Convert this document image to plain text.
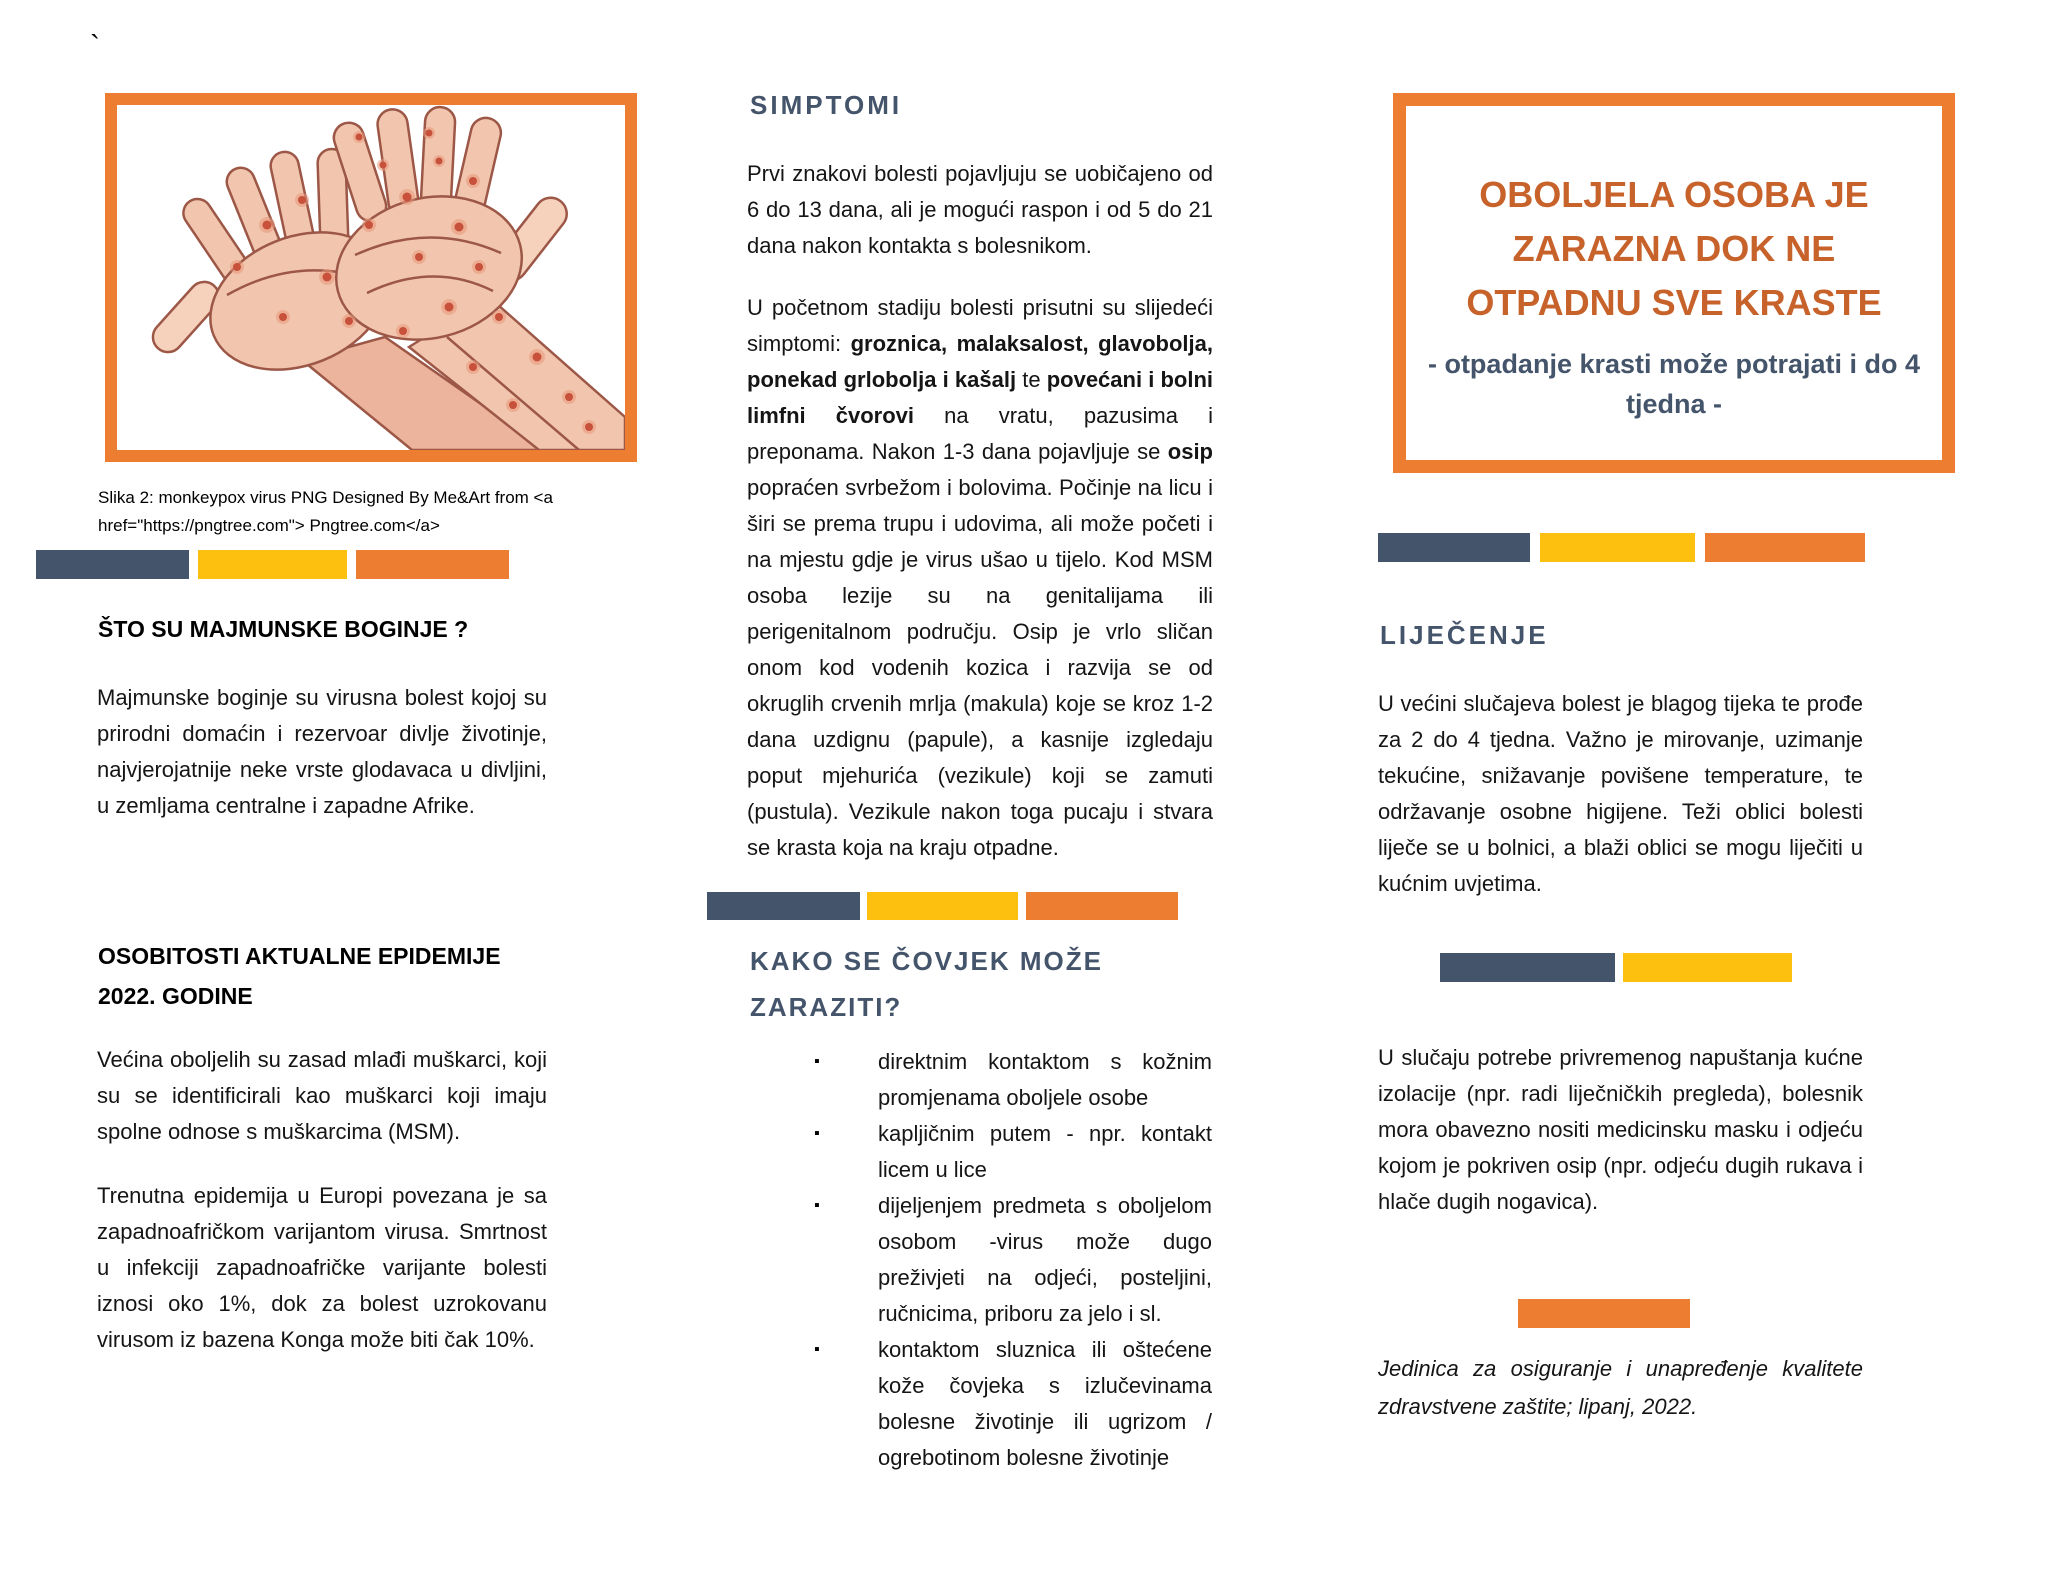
`
Slika 2: monkeypox virus PNG Designed By Me&Art from <a href="https://pngtree.com"> Pngtree.com</a>
ŠTO SU MAJMUNSKE BOGINJE ?
Majmunske boginje su virusna bolest kojoj su prirodni domaćin i rezervoar divlje životinje, najvjerojatnije neke vrste glodavaca u divljini, u zemljama centralne i zapadne Afrike.
OSOBITOSTI AKTUALNE EPIDEMIJE 2022. GODINE
Većina oboljelih su zasad mlađi muškarci, koji su se identificirali kao muškarci koji imaju spolne odnose s muškarcima (MSM).
Trenutna epidemija u Europi povezana je sa zapadnoafričkom varijantom virusa. Smrtnost u infekciji zapadnoafričke varijante bolesti iznosi oko 1%, dok za bolest uzrokovanu virusom iz bazena Konga može biti čak 10%.
SIMPTOMI
Prvi znakovi bolesti pojavljuju se uobičajeno od 6 do 13 dana, ali je mogući raspon i od 5 do 21 dana nakon kontakta s bolesnikom.
U početnom stadiju bolesti prisutni su slijedeći simptomi: groznica, malaksalost, glavobolja, ponekad grlobolja i kašalj te povećani i bolni limfni čvorovi na vratu, pazusima i preponama. Nakon 1-3 dana pojavljuje se osip popraćen svrbežom i bolovima. Počinje na licu i širi se prema trupu i udovima, ali može početi i na mjestu gdje je virus ušao u tijelo. Kod MSM osoba lezije su na genitalijama ili perigenitalnom području. Osip je vrlo sličan onom kod vodenih kozica i razvija se od okruglih crvenih mrlja (makula) koje se kroz 1-2 dana uzdignu (papule), a kasnije izgledaju poput mjehurića (vezikule) koji se zamuti (pustula). Vezikule nakon toga pucaju i stvara se krasta koja na kraju otpadne.
KAKO SE ČOVJEK MOŽE ZARAZITI?
▪	direktnim kontaktom s kožnim promjenama oboljele osobe
▪	kapljičnim putem - npr. kontakt licem u lice
▪	dijeljenjem predmeta s oboljelom osobom -virus može dugo preživjeti na odjeći, posteljini, ručnicima, priboru za jelo i sl.
▪	kontaktom sluznica ili oštećene kože čovjeka s izlučevinama bolesne životinje ili ugrizom / ogrebotinom bolesne životinje
OBOLJELA OSOBA JE ZARAZNA DOK NE OTPADNU SVE KRASTE
- otpadanje krasti može potrajati i do 4 tjedna -
LIJEČENJE
U većini slučajeva bolest je blagog tijeka te prođe za 2 do 4 tjedna. Važno je mirovanje, uzimanje tekućine, snižavanje povišene temperature, te održavanje osobne higijene. Teži oblici bolesti liječe se u bolnici, a blaži oblici se mogu liječiti u kućnim uvjetima.
U slučaju potrebe privremenog napuštanja kućne izolacije (npr. radi liječničkih pregleda), bolesnik mora obavezno nositi medicinsku masku i odjeću kojom je pokriven osip (npr. odjeću dugih rukava i hlače dugih nogavica).
Jedinica za osiguranje i unapređenje kvalitete zdravstvene zaštite; lipanj, 2022.
